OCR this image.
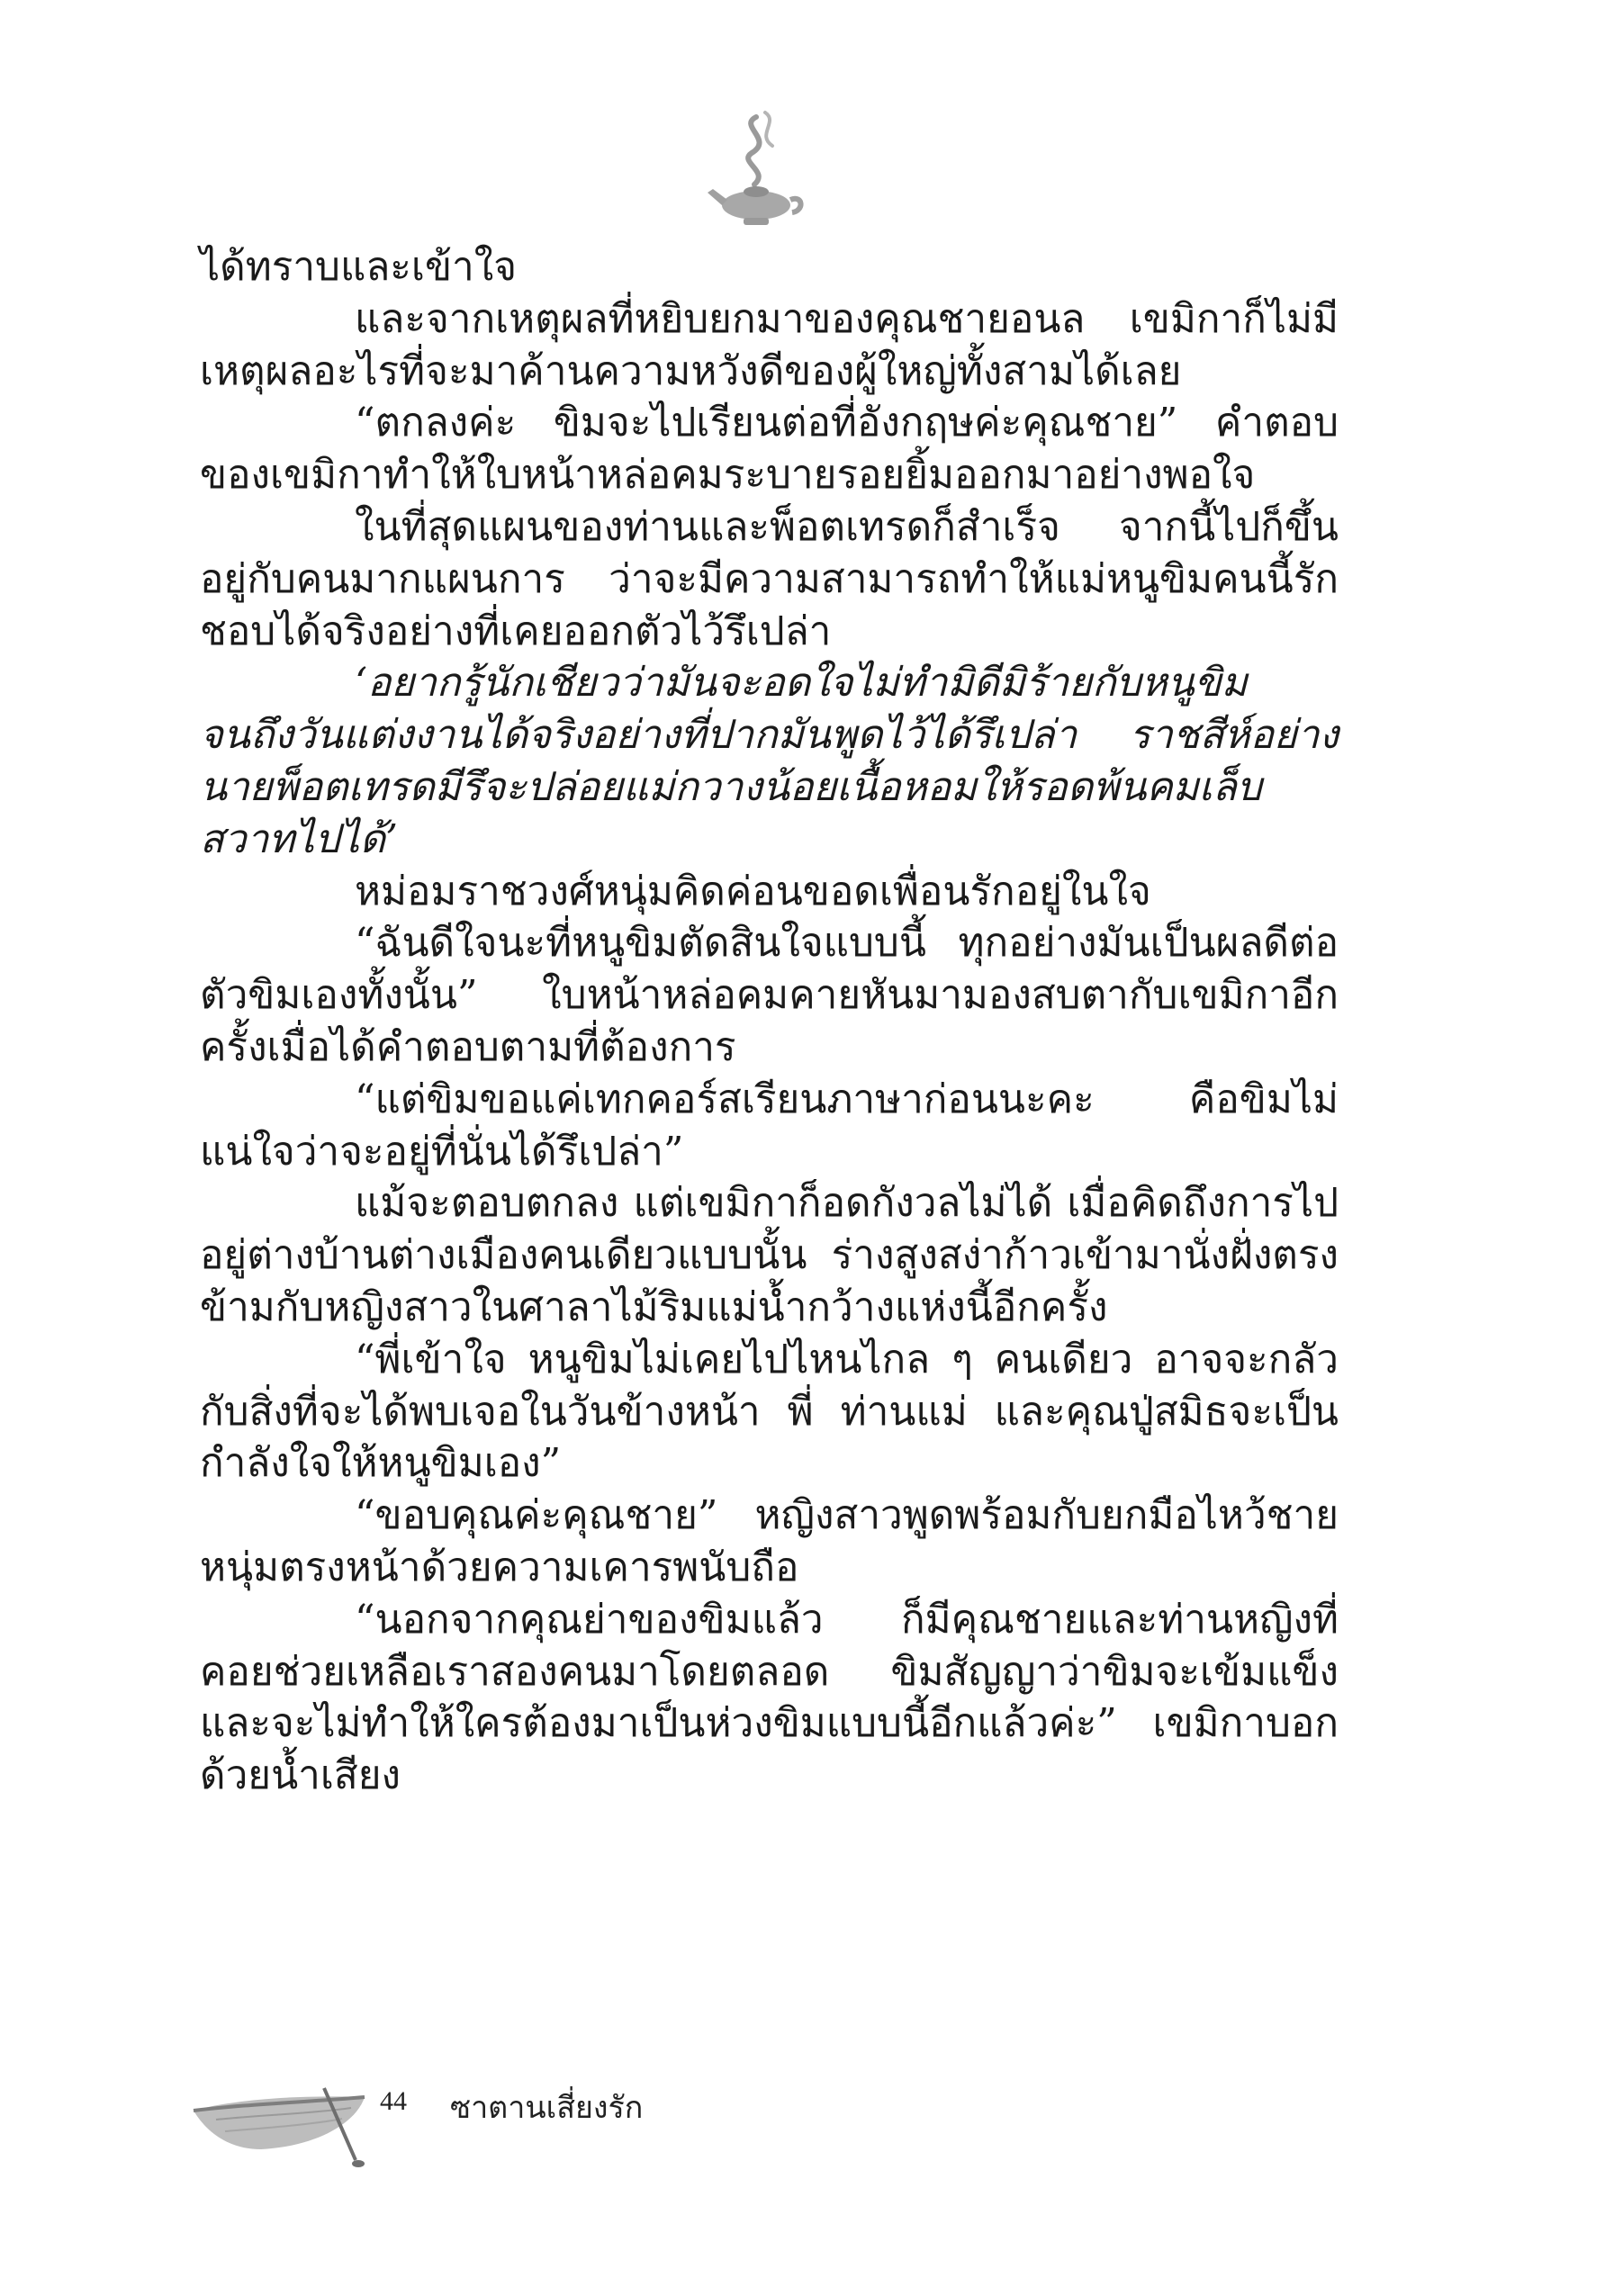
ได้ทราบและเข้าใจ

และจากเหตุผลที่หยิบยกมาของคุณชายอนล เขมิกาก็ไม่มีเหตุผลอะไรที่จะมาค้านความหวังดีของผู้ใหญ่ทั้งสามได้เลย

“ตกลงค่ะ ขิมจะไปเรียนต่อที่อังกฤษค่ะคุณชาย” คำตอบของเขมิกาทำให้ใบหน้าหล่อคมระบายรอยยิ้มออกมาอย่างพอใจ

ในที่สุดแผนของท่านและพ็อตเทรดก็สำเร็จ จากนี้ไปก็ขึ้นอยู่กับคนมากแผนการ ว่าจะมีความสามารถทำให้แม่หนูขิมคนนี้รักชอบได้จริงอย่างที่เคยออกตัวไว้รึเปล่า

‘อยากรู้นักเชียวว่ามันจะอดใจไม่ทำมิดีมิร้ายกับหนูขิมจนถึงวันแต่งงานได้จริงอย่างที่ปากมันพูดไว้ได้รึเปล่า ราชสีห์อย่างนายพ็อตเทรดมีรึจะปล่อยแม่กวางน้อยเนื้อหอมให้รอดพ้นคมเล็บสวาทไปได้’

หม่อมราชวงศ์หนุ่มคิดค่อนขอดเพื่อนรักอยู่ในใจ

“ฉันดีใจนะที่หนูขิมตัดสินใจแบบนี้ ทุกอย่างมันเป็นผลดีต่อตัวขิมเองทั้งนั้น” ใบหน้าหล่อคมคายหันมามองสบตากับเขมิกาอีกครั้งเมื่อได้คำตอบตามที่ต้องการ

“แต่ขิมขอแค่เทกคอร์สเรียนภาษาก่อนนะคะ คือขิมไม่แน่ใจว่าจะอยู่ที่นั่นได้รึเปล่า”

แม้จะตอบตกลง แต่เขมิกาก็อดกังวลไม่ได้ เมื่อคิดถึงการไปอยู่ต่างบ้านต่างเมืองคนเดียวแบบนั้น ร่างสูงสง่าก้าวเข้ามานั่งฝั่งตรงข้ามกับหญิงสาวในศาลาไม้ริมแม่น้ำกว้างแห่งนี้อีกครั้ง

“พี่เข้าใจ หนูขิมไม่เคยไปไหนไกล ๆ คนเดียว อาจจะกลัวกับสิ่งที่จะได้พบเจอในวันข้างหน้า พี่ ท่านแม่ และคุณปู่สมิธจะเป็นกำลังใจให้หนูขิมเอง”

“ขอบคุณค่ะคุณชาย” หญิงสาวพูดพร้อมกับยกมือไหว้ชายหนุ่มตรงหน้าด้วยความเคารพนับถือ

“นอกจากคุณย่าของขิมแล้ว ก็มีคุณชายและท่านหญิงที่คอยช่วยเหลือเราสองคนมาโดยตลอด ขิมสัญญาว่าขิมจะเข้มแข็ง และจะไม่ทำให้ใครต้องมาเป็นห่วงขิมแบบนี้อีกแล้วค่ะ” เขมิกาบอกด้วยน้ำเสียง

44 ซาตานเสี่ยงรัก
